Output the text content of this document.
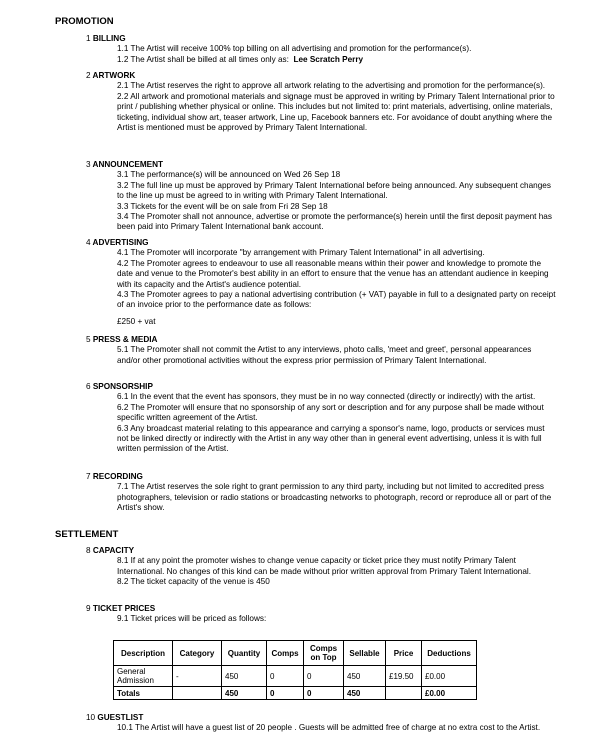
PROMOTION
1 BILLING
1.1 The Artist will receive 100% top billing on all advertising and promotion for the performance(s).
1.2 The Artist shall be billed at all times only as: Lee Scratch Perry
2 ARTWORK
2.1 The Artist reserves the right to approve all artwork relating to the advertising and promotion for the performance(s).
2.2 All artwork and promotional materials and signage must be approved in writing by Primary Talent International prior to print / publishing whether physical or online. This includes but not limited to: print materials, advertising, online materials, ticketing, individual show art, teaser artwork, Line up, Facebook banners etc. For avoidance of doubt anything where the Artist is mentioned must be approved by Primary Talent International.
3 ANNOUNCEMENT
3.1 The performance(s) will be announced on Wed 26 Sep 18
3.2 The full line up must be approved by Primary Talent International before being announced. Any subsequent changes to the line up must be agreed to in writing with Primary Talent International.
3.3 Tickets for the event will be on sale from Fri 28 Sep 18
3.4 The Promoter shall not announce, advertise or promote the performance(s) herein until the first deposit payment has been paid into Primary Talent International bank account.
4 ADVERTISING
4.1 The Promoter will incorporate "by arrangement with Primary Talent International" in all advertising.
4.2 The Promoter agrees to endeavour to use all reasonable means within their power and knowledge to promote the date and venue to the Promoter's best ability in an effort to ensure that the venue has an attendant audience in keeping with its capacity and the Artist's audience potential.
4.3 The Promoter agrees to pay a national advertising contribution (+ VAT) payable in full to a designated party on receipt of an invoice prior to the performance date as follows:
£250 + vat
5 PRESS & MEDIA
5.1 The Promoter shall not commit the Artist to any interviews, photo calls, 'meet and greet', personal appearances and/or other promotional activities without the express prior permission of Primary Talent International.
6 SPONSORSHIP
6.1 In the event that the event has sponsors, they must be in no way connected (directly or indirectly) with the artist.
6.2 The Promoter will ensure that no sponsorship of any sort or description and for any purpose shall be made without specific written agreement of the Artist.
6.3 Any broadcast material relating to this appearance and carrying a sponsor's name, logo, products or services must not be linked directly or indirectly with the Artist in any way other than in general event advertising, unless it is with full written permission of the Artist.
7 RECORDING
7.1 The Artist reserves the sole right to grant permission to any third party, including but not limited to accredited press photographers, television or radio stations or broadcasting networks to photograph, record or reproduce all or part of the Artist's show.
SETTLEMENT
8 CAPACITY
8.1 If at any point the promoter wishes to change venue capacity or ticket price they must notify Primary Talent International. No changes of this kind can be made without prior written approval from Primary Talent International.
8.2 The ticket capacity of the venue is 450
9 TICKET PRICES
9.1 Ticket prices will be priced as follows:
Description	Category	Quantity	Comps	Comps on Top	Sellable	Price	Deductions
General Admission	-	450	0	0	450	£19.50	£0.00
Totals		450	0	0	450		£0.00
10 GUESTLIST
10.1 The Artist will have a guest list of 20 people . Guests will be admitted free of charge at no extra cost to the Artist.
